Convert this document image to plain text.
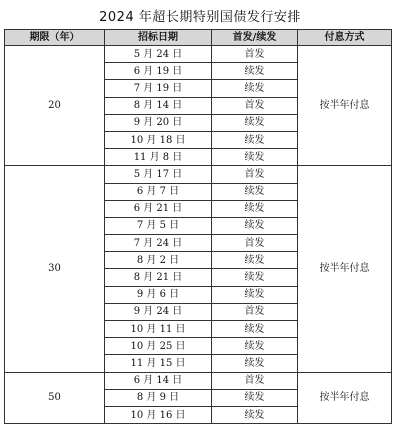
2024 年超长期特别国债发行安排
期限（年）	招标日期	首发/续发	付息方式
20	5 月 24 日	首发	按半年付息
	6 月 19 日	续发	
	7 月 19 日	续发	
	8 月 14 日	首发	
	9 月 20 日	续发	
	10 月 18 日	续发	
	11 月 8 日	续发	
30	5 月 17 日	首发	按半年付息
	6 月 7 日	续发	
	6 月 21 日	续发	
	7 月 5 日	续发	
	7 月 24 日	首发	
	8 月 2 日	续发	
	8 月 21 日	续发	
	9 月 6 日	续发	
	9 月 24 日	首发	
	10 月 11 日	续发	
	10 月 25 日	续发	
	11 月 15 日	续发	
50	6 月 14 日	首发	按半年付息
	8 月 9 日	续发	
	10 月 16 日	续发	
